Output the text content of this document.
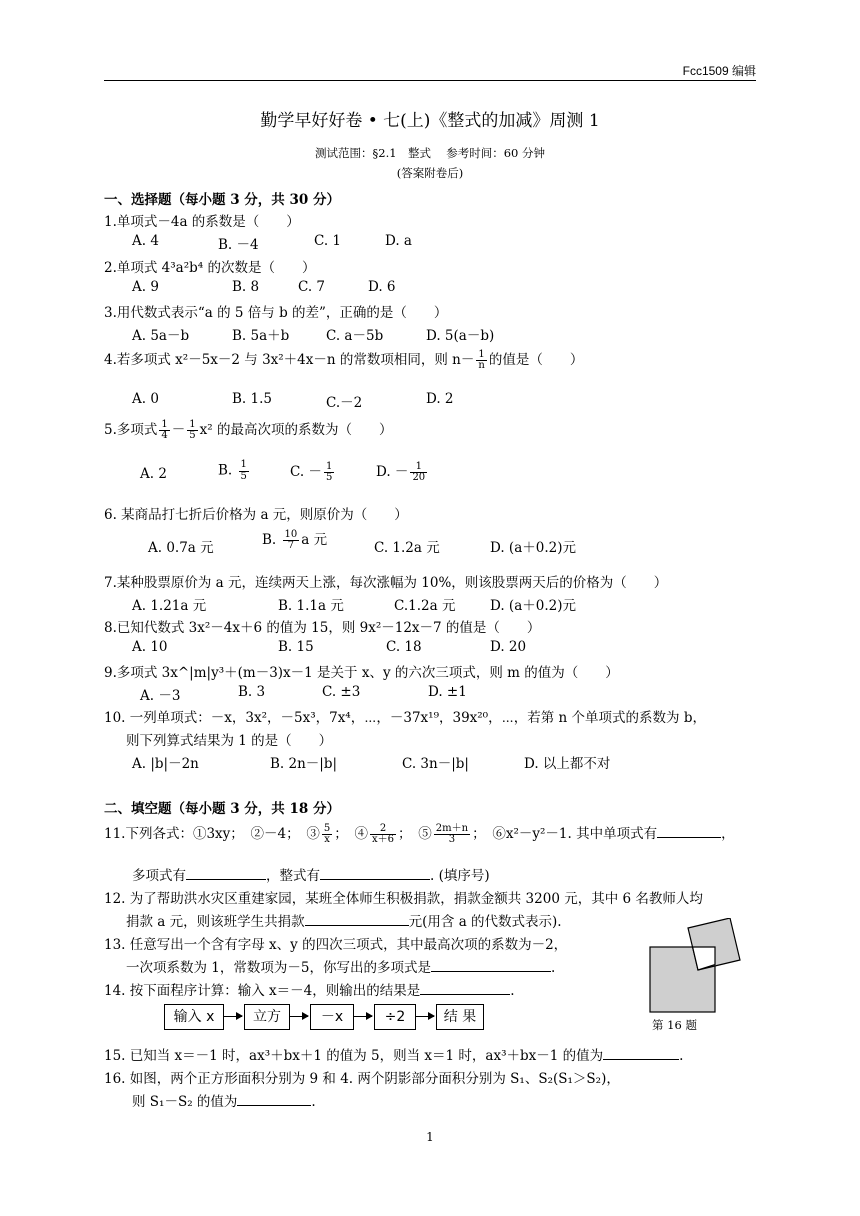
Fcc1509 编辑
勤学早好好卷 • 七(上)《整式的加减》周测 1
测试范围：§2.1　整式　 参考时间：60 分钟
(答案附卷后)
一、选择题（每小题 3 分，共 30 分）
1.单项式－4a 的系数是（　　）
A. 4	B. －4	C. 1	D. a
2.单项式 4³a²b⁴ 的次数是（　　）
A. 9	B. 8	C. 7	D. 6
3.用代数式表示“a 的 5 倍与 b 的差”，正确的是（　　）
A. 5a－b	B. 5a＋b	C. a－5b	D. 5(a－b)
4.若多项式 x²－5x－2 与 3x²＋4x－n 的常数项相同，则 $n- \frac{1}{n}$ 的值是（　　）
A. 0	B. 1.5	C.－2	D. 2
5.多项式 $\frac{1}{4} - \frac{1}{5} x^2$ 的最高次项的系数为（　　）
A. 2	B. $\frac{1}{5}$	C. － $\frac{1}{5}$	D. － $\frac{1}{20}$
6. 某商品打七折后价格为 a 元，则原价为（　　）
A. 0.7a 元	B. $\frac{10}{7}$ a 元	C. 1.2a 元	D. (a＋0.2)元
7.某种股票原价为 a 元，连续两天上涨，每次涨幅为 10%，则该股票两天后的价格为（　　）
A. 1.21a 元	B. 1.1a 元	C.1.2a 元	D. (a＋0.2)元
8.已知代数式 3x²－4x＋6 的值为 15，则 9x²－12x－7 的值是（　　）
A. 10	B. 15	C. 18	D. 20
9.多项式 3x^|m|y³＋(m－3)x－1 是关于 x、y 的六次三项式，则 m 的值为（　　）
A. －3	B. 3	C. ±3	D. ±1
10. 一列单项式：－x，3x²，－5x³，7x⁴，⋯，－37x¹⁹，39x²⁰，⋯，若第 n 个单项式的系数为 b，
则下列算式结果为 1 的是（　　）
A. |b|－2n	B. 2n－|b|	C. 3n－|b|	D. 以上都不对
二、填空题（每小题 3 分，共 18 分）
11.下列各式：①3xy；　②－4；　③ $\frac{5}{x}$ ；　④ $\frac{2}{x+6}$ ；　⑤ $\frac{2m+n}{3}$ ；　⑥x²－y²－1. 其中单项式有	，
多项式有	，整式有	. (填序号)
12. 为了帮助洪水灾区重建家园，某班全体师生积极捐款，捐款金额共 3200 元，其中 6 名教师人均
捐款 a 元，则该班学生共捐款	元(用含 a 的代数式表示).
13. 任意写出一个含有字母 x、y 的四次三项式，其中最高次项的系数为－2，
一次项系数为 1，常数项为－5，你写出的多项式是	.
14. 按下面程序计算：输入 x＝－4，则输出的结果是	.
输入 x	立方	－x	÷2	结 果	第 16 题
15. 已知当 x＝－1 时，ax³＋bx＋1 的值为 5，则当 x＝1 时，ax³＋bx－1 的值为	.
16. 如图，两个正方形面积分别为 9 和 4. 两个阴影部分面积分别为 S₁、S₂(S₁＞S₂)，
则 S₁－S₂ 的值为	.
1
